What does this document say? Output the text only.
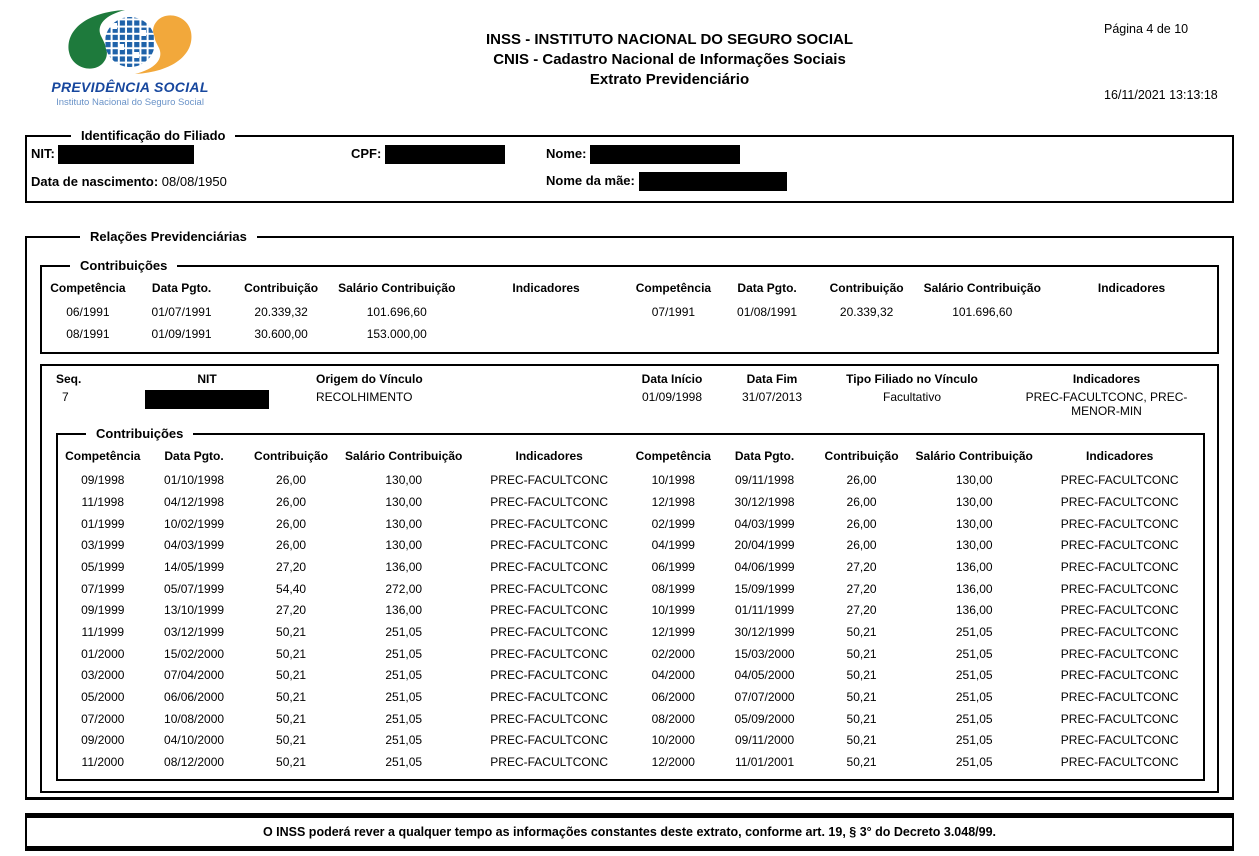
PREVIDÊNCIA SOCIAL
Instituto Nacional do Seguro Social
INSS - INSTITUTO NACIONAL DO SEGURO SOCIAL
CNIS - Cadastro Nacional de Informações Sociais
Extrato Previdenciário
Página 4 de 10
16/11/2021 13:13:18
Identificação do Filiado
NIT:	CPF:	Nome:
Data de nascimento: 08/08/1950	Nome da mãe:
Relações Previdenciárias
Contribuições
Competência	Data Pgto.	Contribuição	Salário Contribuição	Indicadores
06/1991	01/07/1991	20.339,32	101.696,60
08/1991	01/09/1991	30.600,00	153.000,00
Competência	Data Pgto.	Contribuição	Salário Contribuição	Indicadores
07/1991	01/08/1991	20.339,32	101.696,60
Seq.	NIT	Origem do Vínculo	Data Início	Data Fim	Tipo Filiado no Vínculo	Indicadores
7	RECOLHIMENTO	01/09/1998	31/07/2013	Facultativo	PREC-FACULTCONC, PREC-MENOR-MIN
Contribuições
Competência	Data Pgto.	Contribuição	Salário Contribuição	Indicadores
09/1998	01/10/1998	26,00	130,00	PREC-FACULTCONC
11/1998	04/12/1998	26,00	130,00	PREC-FACULTCONC
01/1999	10/02/1999	26,00	130,00	PREC-FACULTCONC
03/1999	04/03/1999	26,00	130,00	PREC-FACULTCONC
05/1999	14/05/1999	27,20	136,00	PREC-FACULTCONC
07/1999	05/07/1999	54,40	272,00	PREC-FACULTCONC
09/1999	13/10/1999	27,20	136,00	PREC-FACULTCONC
11/1999	03/12/1999	50,21	251,05	PREC-FACULTCONC
01/2000	15/02/2000	50,21	251,05	PREC-FACULTCONC
03/2000	07/04/2000	50,21	251,05	PREC-FACULTCONC
05/2000	06/06/2000	50,21	251,05	PREC-FACULTCONC
07/2000	10/08/2000	50,21	251,05	PREC-FACULTCONC
09/2000	04/10/2000	50,21	251,05	PREC-FACULTCONC
11/2000	08/12/2000	50,21	251,05	PREC-FACULTCONC
Competência	Data Pgto.	Contribuição	Salário Contribuição	Indicadores
10/1998	09/11/1998	26,00	130,00	PREC-FACULTCONC
12/1998	30/12/1998	26,00	130,00	PREC-FACULTCONC
02/1999	04/03/1999	26,00	130,00	PREC-FACULTCONC
04/1999	20/04/1999	26,00	130,00	PREC-FACULTCONC
06/1999	04/06/1999	27,20	136,00	PREC-FACULTCONC
08/1999	15/09/1999	27,20	136,00	PREC-FACULTCONC
10/1999	01/11/1999	27,20	136,00	PREC-FACULTCONC
12/1999	30/12/1999	50,21	251,05	PREC-FACULTCONC
02/2000	15/03/2000	50,21	251,05	PREC-FACULTCONC
04/2000	04/05/2000	50,21	251,05	PREC-FACULTCONC
06/2000	07/07/2000	50,21	251,05	PREC-FACULTCONC
08/2000	05/09/2000	50,21	251,05	PREC-FACULTCONC
10/2000	09/11/2000	50,21	251,05	PREC-FACULTCONC
12/2000	11/01/2001	50,21	251,05	PREC-FACULTCONC
O INSS poderá rever a qualquer tempo as informações constantes deste extrato, conforme art. 19, § 3° do Decreto 3.048/99.
